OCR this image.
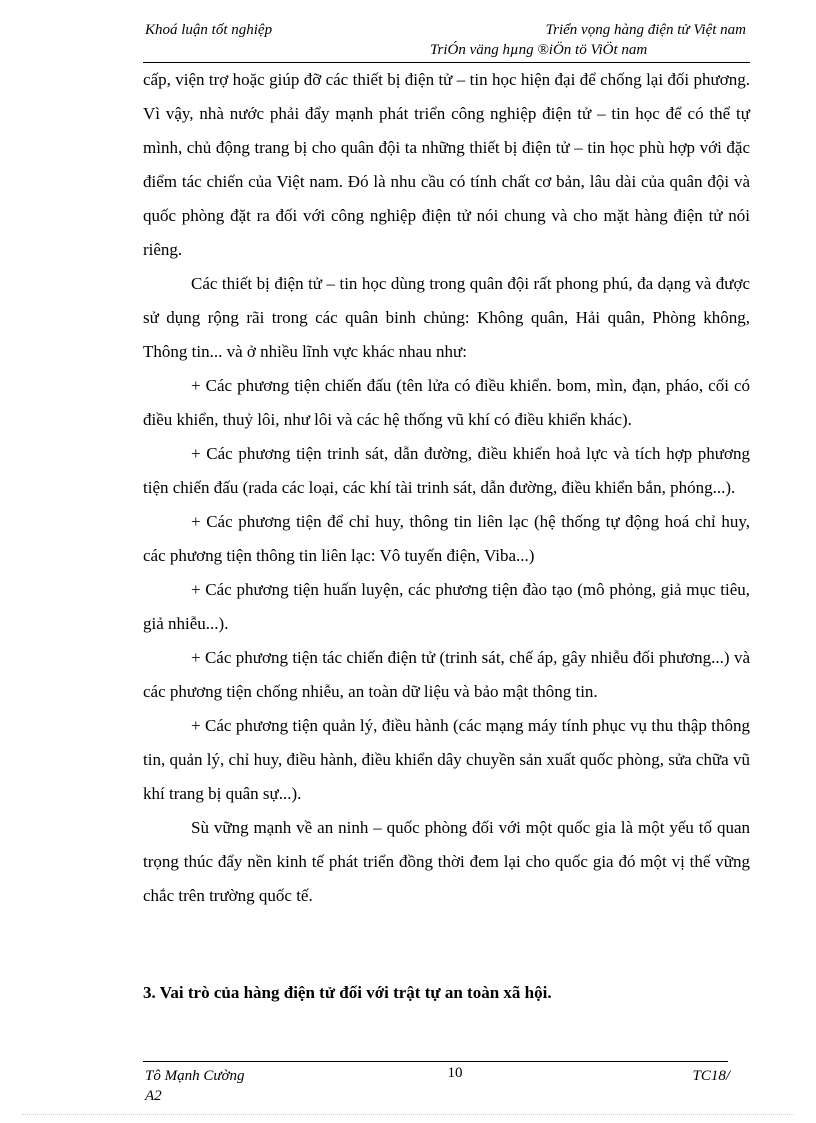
Khoá luận tốt nghiệp	Triển vọng hàng điện tử Việt nam
TriÓn väng hµng ®iÖn tö ViÖt nam

cấp, viện trợ hoặc giúp đỡ các thiết bị điện tử – tin học hiện đại để chống lại đối phương. Vì vậy, nhà nước phải đẩy mạnh phát triển công nghiệp điện tử – tin học để có thể tự mình, chủ động trang bị cho quân đội ta những thiết bị điện tử – tin học phù hợp với đặc điểm tác chiến của Việt nam. Đó là nhu cầu có tính chất cơ bản, lâu dài của quân đội và quốc phòng đặt ra đối với công nghiệp điện tử nói chung và cho mặt hàng điện tử nói riêng.

Các thiết bị điện tử – tin học dùng trong quân đội rất phong phú, đa dạng và được sử dụng rộng rãi trong các quân binh chủng: Không quân, Hải quân, Phòng không, Thông tin... và ở nhiều lĩnh vực khác nhau như:

+ Các phương tiện chiến đấu (tên lửa có điều khiển. bom, mìn, đạn, pháo, cối có điều khiển, thuỷ lôi, như lôi và các hệ thống vũ khí có điều khiển khác).

+ Các phương tiện trinh sát, dẫn đường, điều khiển hoả lực và tích hợp phương tiện chiến đấu (rada các loại, các khí tài trinh sát, dẫn đường, điều khiển bắn, phóng...).

+ Các phương tiện để chỉ huy, thông tin liên lạc (hệ thống tự động hoá chỉ huy, các phương tiện thông tin liên lạc: Vô tuyến điện, Viba...)

+ Các phương tiện huấn luyện, các phương tiện đào tạo (mô phỏng, giả mục tiêu, giả nhiễu...).

+ Các phương tiện tác chiến điện tử (trinh sát, chế áp, gây nhiễu đối phương...) và các phương tiện chống nhiễu, an toàn dữ liệu và bảo mật thông tin.

+ Các phương tiện quản lý, điều hành (các mạng máy tính phục vụ thu thập thông tin, quản lý, chỉ huy, điều hành, điều khiển dây chuyền sản xuất quốc phòng, sửa chữa vũ khí trang bị quân sự...).

Sù vững mạnh về an ninh – quốc phòng đối với một quốc gia là một yếu tố quan trọng thúc đẩy nền kinh tế phát triển đồng thời đem lại cho quốc gia đó một vị thế vững chắc trên trường quốc tế.

3. Vai trò của hàng điện tử đối với trật tự an toàn xã hội.
Tô Mạnh Cường	10	TC18/
A2
